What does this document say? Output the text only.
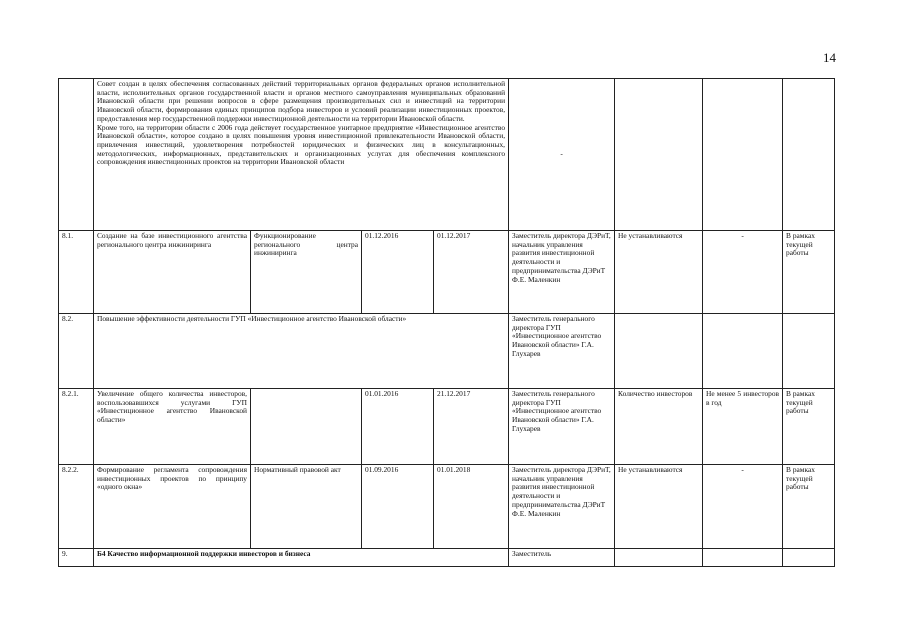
14

	Совет создан в целях обеспечения согласованных действий территориальных органов федеральных органов исполнительной власти, исполнительных органов государственной власти и органов местного самоуправления муниципальных образований Ивановской области при решении вопросов в сфере размещения производительных сил и инвестиций на территории Ивановской области, формирования единых принципов подбора инвесторов и условий реализации инвестиционных проектов, предоставления мер государственной поддержки инвестиционной деятельности на территории Ивановской области.
Кроме того, на территории области с 2006 года действует государственное унитарное предприятие «Инвестиционное агентство Ивановской области», которое создано в целях повышения уровня инвестиционной привлекательности Ивановской области, привлечения инвестиций, удовлетворения потребностей юридических и физических лиц в консультационных, методологических, информационных, представительских и организационных услугах для обеспечения комплексного сопровождения инвестиционных проектов на территории Ивановской области				-			
8.1.	Создание на базе инвестиционного агентства регионального центра инжиниринга	Функционирование регионального центра инжиниринга	01.12.2016	01.12.2017	Заместитель директора ДЭРиТ, начальник управления развития инвестиционной деятельности и предпринимательства ДЭРиТ Ф.Е. Маленкин	Не устанавливаются	-	В рамках текущей работы
8.2.	Повышение эффективности деятельности ГУП «Инвестиционное агентство Ивановской области»				Заместитель генерального директора ГУП «Инвестиционное агентство Ивановской области» Г.А. Глухарев			
8.2.1.	Увеличение общего количества инвесторов, воспользовавшихся услугами ГУП «Инвестиционное агентство Ивановской области»		01.01.2016	21.12.2017	Заместитель генерального директора ГУП «Инвестиционное агентство Ивановской области» Г.А. Глухарев	Количество инвесторов	Не менее 5 инвесторов в год	В рамках текущей работы
8.2.2.	Формирование регламента сопровождения инвестиционных проектов по принципу «одного окна»	Нормативный правовой акт	01.09.2016	01.01.2018	Заместитель директора ДЭРиТ, начальник управления развития инвестиционной деятельности и предпринимательства ДЭРиТ Ф.Е. Маленкин	Не устанавливаются	-	В рамках текущей работы
9.	Б4 Качество информационной поддержки инвесторов и бизнеса				Заместитель			
